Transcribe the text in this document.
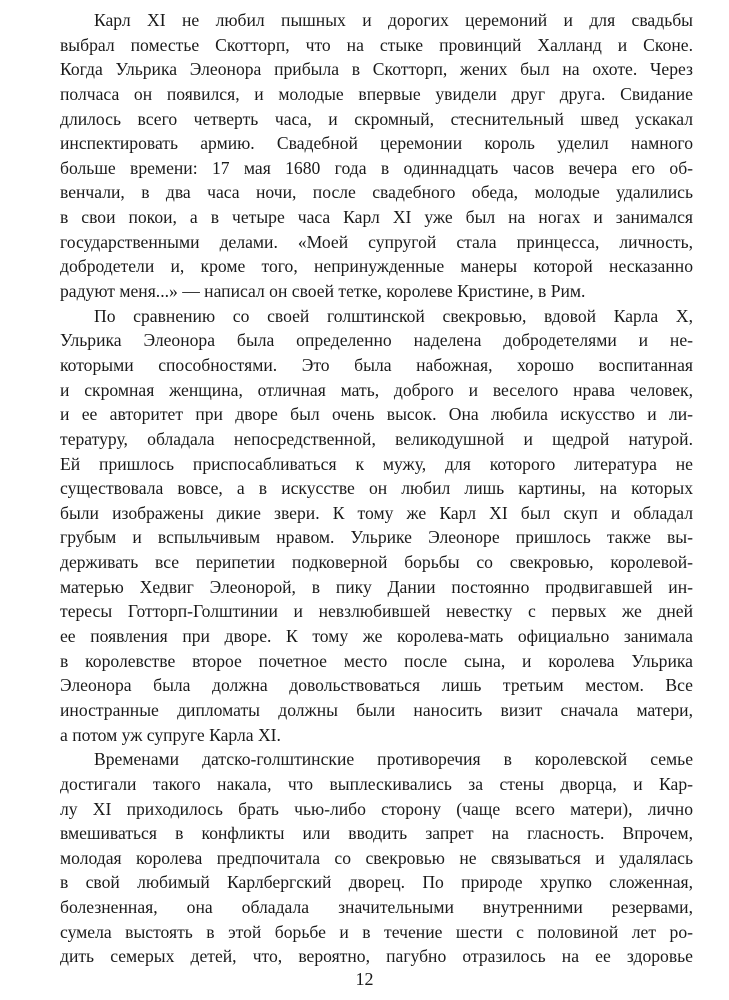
Карл XI не любил пышных и дорогих церемоний и для свадьбы
выбрал поместье Скотторп, что на стыке провинций Халланд и Сконе.
Когда Ульрика Элеонора прибыла в Скотторп, жених был на охоте. Через
полчаса он появился, и молодые впервые увидели друг друга. Свидание
длилось всего четверть часа, и скромный, стеснительный швед ускакал
инспектировать армию. Свадебной церемонии король уделил намного
больше времени: 17 мая 1680 года в одиннадцать часов вечера его об-
венчали, в два часа ночи, после свадебного обеда, молодые удалились
в свои покои, а в четыре часа Карл XI уже был на ногах и занимался
государственными делами. «Моей супругой стала принцесса, личность,
добродетели и, кроме того, непринужденные манеры которой несказанно
радуют меня...» — написал он своей тетке, королеве Кристине, в Рим.
По сравнению со своей голштинской свекровью, вдовой Карла X,
Ульрика Элеонора была определенно наделена добродетелями и не-
которыми способностями. Это была набожная, хорошо воспитанная
и скромная женщина, отличная мать, доброго и веселого нрава человек,
и ее авторитет при дворе был очень высок. Она любила искусство и ли-
тературу, обладала непосредственной, великодушной и щедрой натурой.
Ей пришлось приспосабливаться к мужу, для которого литература не
существовала вовсе, а в искусстве он любил лишь картины, на которых
были изображены дикие звери. К тому же Карл XI был скуп и обладал
грубым и вспыльчивым нравом. Ульрике Элеоноре пришлось также вы-
держивать все перипетии подковерной борьбы со свекровью, королевой-
матерью Хедвиг Элеонорой, в пику Дании постоянно продвигавшей ин-
тересы Готторп-Голштинии и невзлюбившей невестку с первых же дней
ее появления при дворе. К тому же королева-мать официально занимала
в королевстве второе почетное место после сына, и королева Ульрика
Элеонора была должна довольствоваться лишь третьим местом. Все
иностранные дипломаты должны были наносить визит сначала матери,
а потом уж супруге Карла XI.
Временами датско-голштинские противоречия в королевской семье
достигали такого накала, что выплескивались за стены дворца, и Кар-
лу XI приходилось брать чью-либо сторону (чаще всего матери), лично
вмешиваться в конфликты или вводить запрет на гласность. Впрочем,
молодая королева предпочитала со свекровью не связываться и удалялась
в свой любимый Карлбергский дворец. По природе хрупко сложенная,
болезненная, она обладала значительными внутренними резервами,
сумела выстоять в этой борьбе и в течение шести с половиной лет ро-
дить семерых детей, что, вероятно, пагубно отразилось на ее здоровье
12
